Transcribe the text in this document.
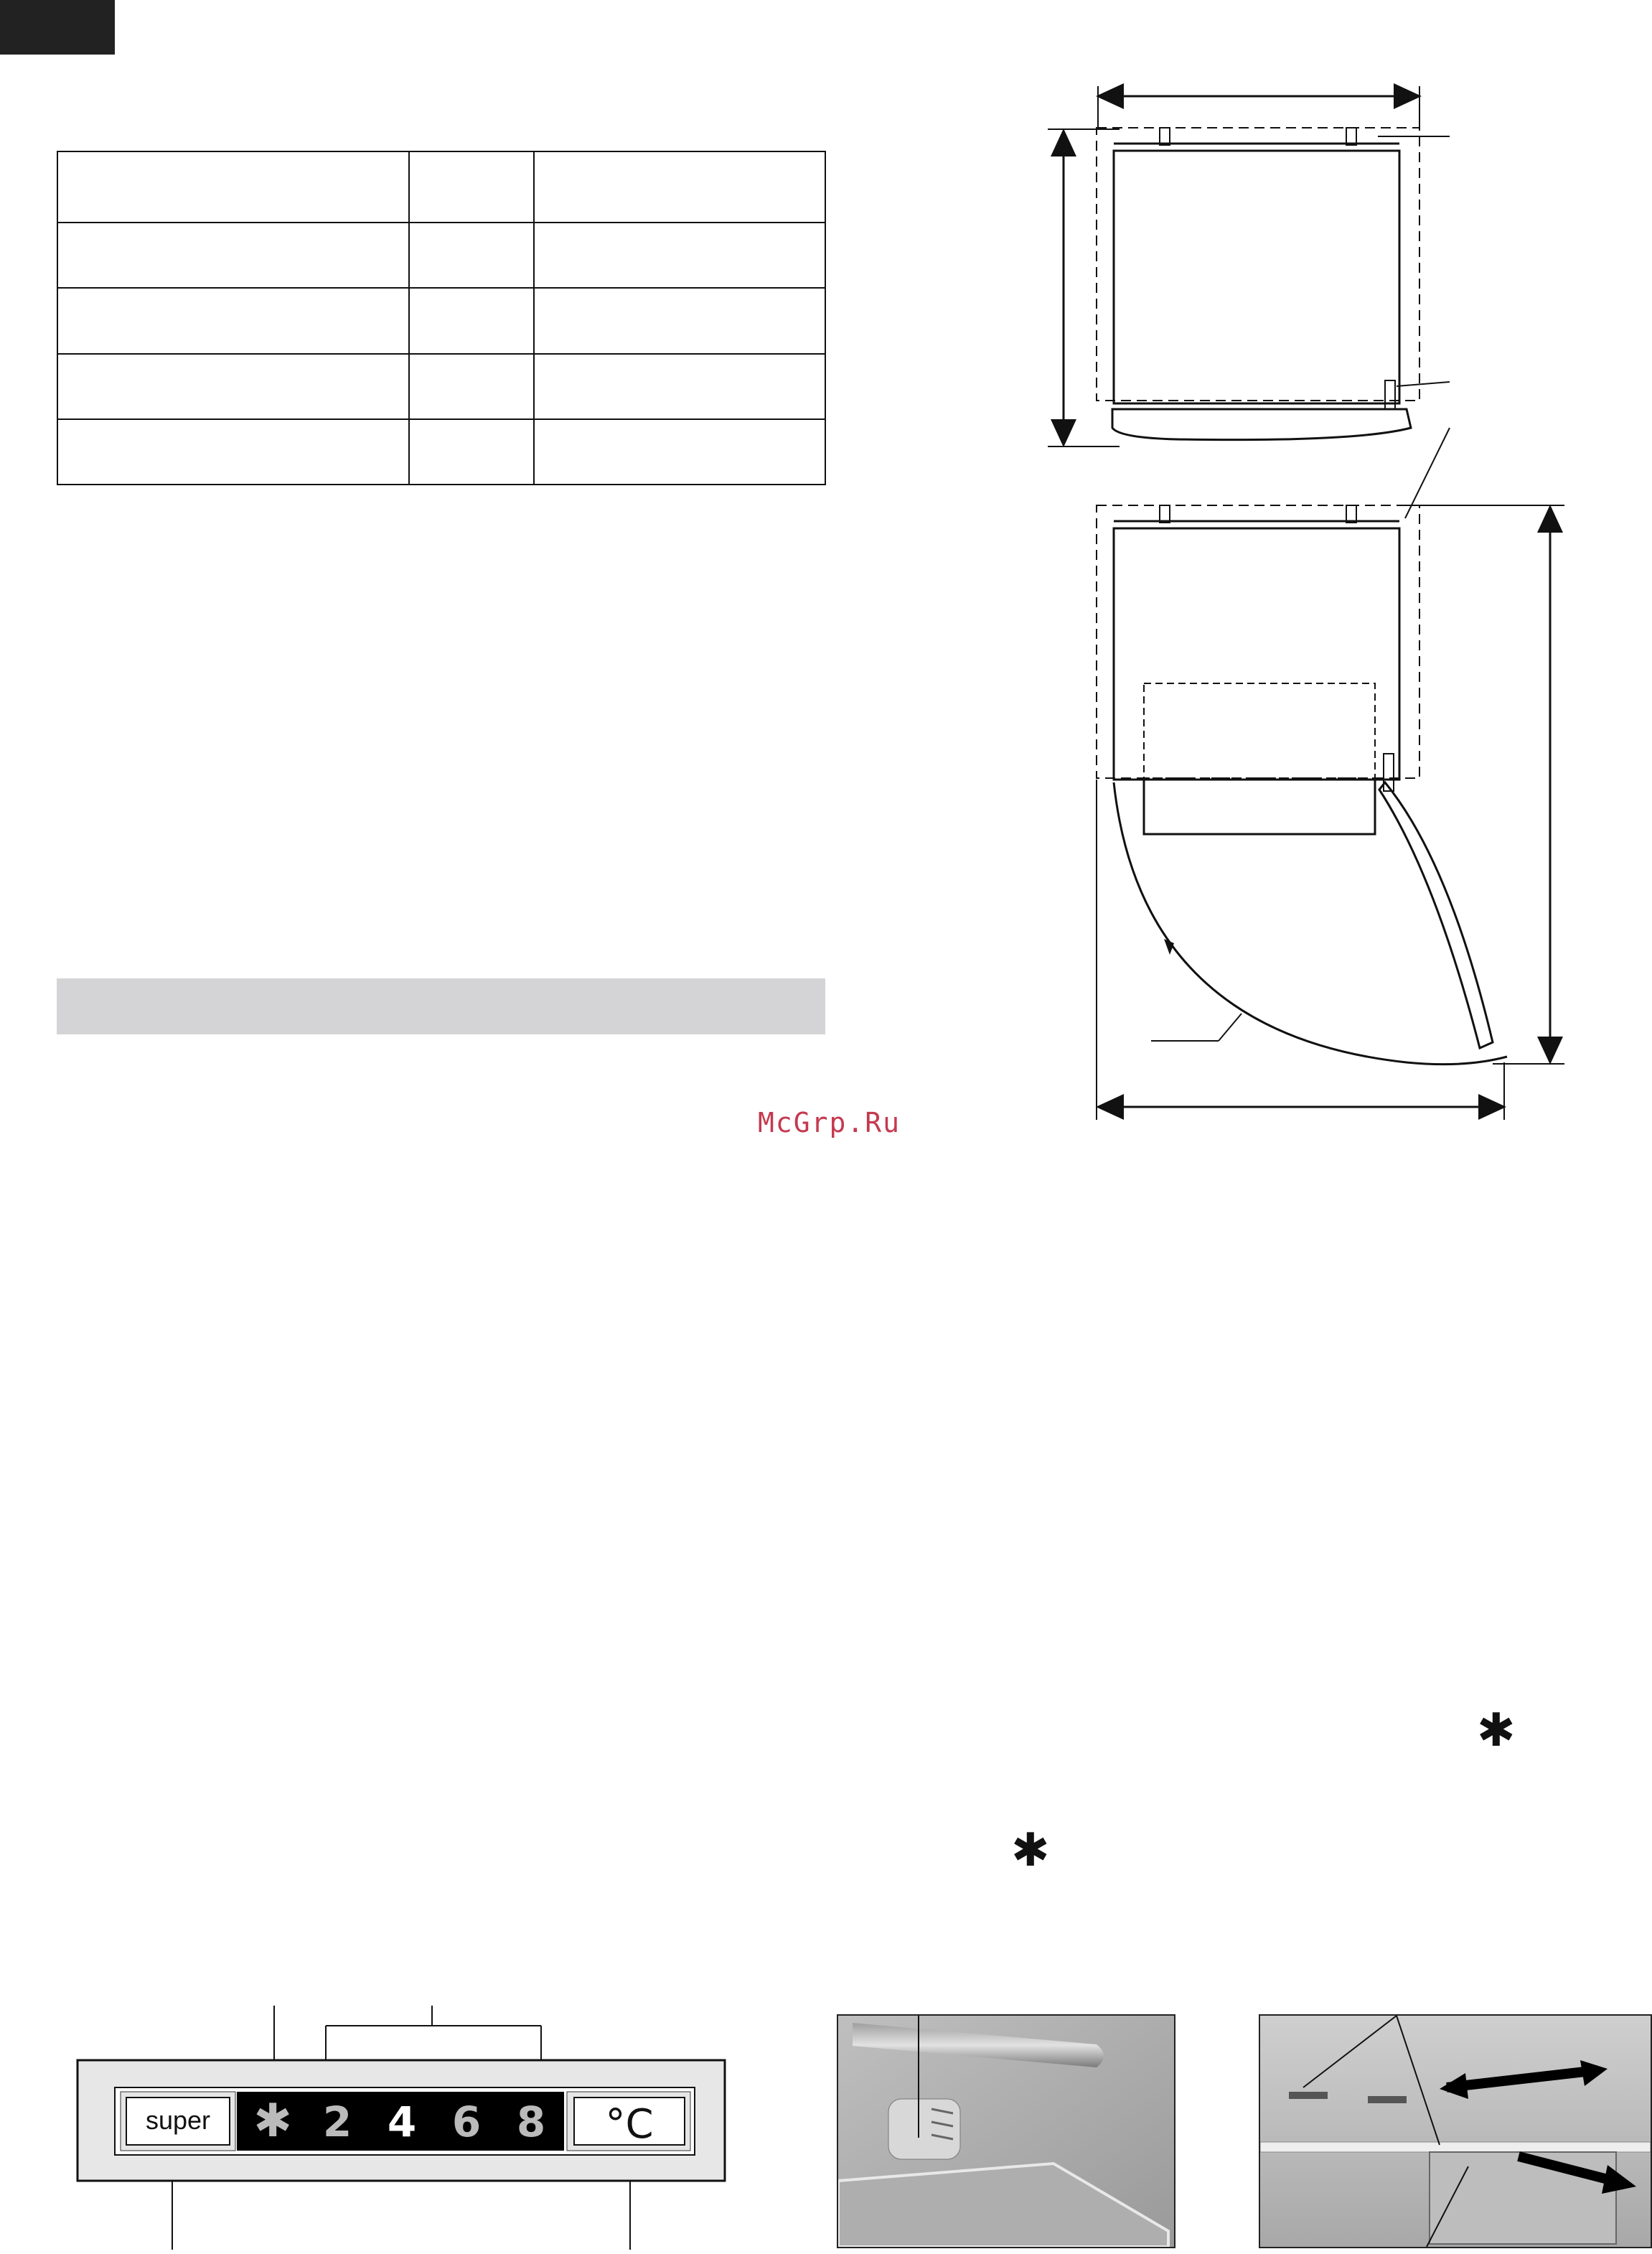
McGrp.Ru
✱
✱
super ✱ 2 4 6 8 °C
